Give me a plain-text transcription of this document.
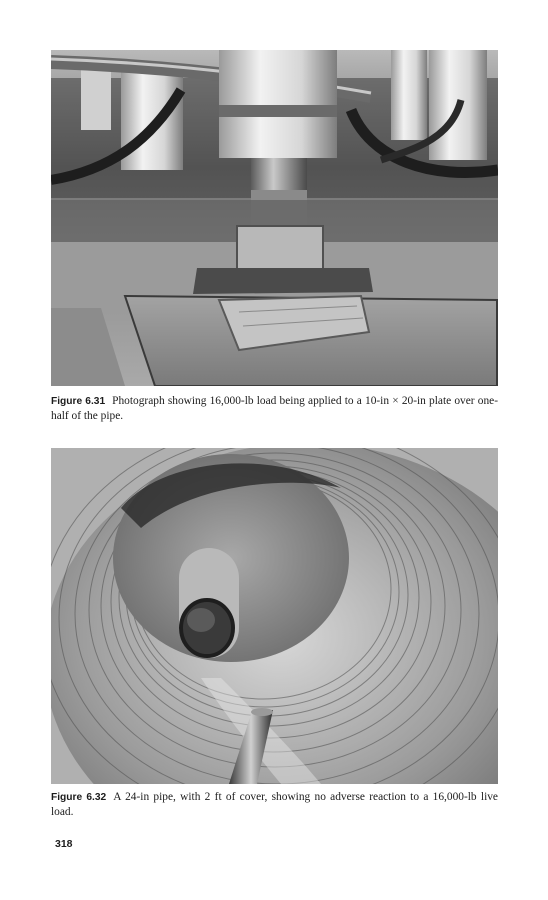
Figure 6.31 Photograph showing 16,000-lb load being applied to a 10-in × 20-in plate over one-half of the pipe.
Figure 6.32 A 24-in pipe, with 2 ft of cover, showing no adverse reaction to a 16,000-lb live load.
318
